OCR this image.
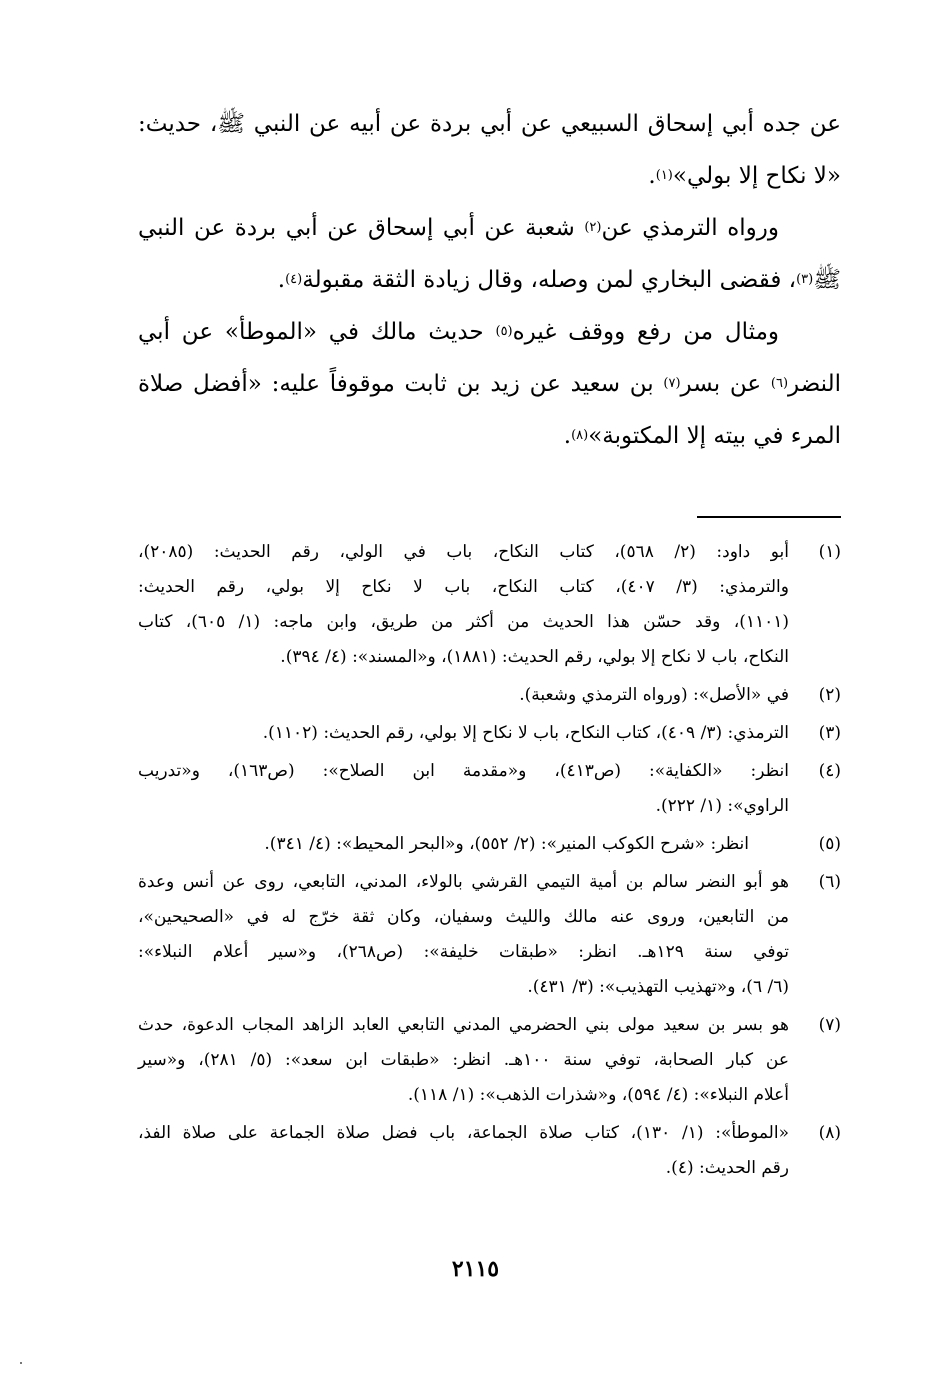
عن جده أبي إسحاق السبيعي عن أبي بردة عن أبيه عن النبي ﷺ، حديث:
«لا نكاح إلا بولي»$^{(١)}$.
ورواه الترمذي عن$^{(٢)}$ شعبة عن أبي إسحاق عن أبي بردة عن النبي
ﷺ$^{(٣)}$، فقضى البخاري لمن وصله، وقال زيادة الثقة مقبولة$^{(٤)}$.
ومثال من رفع ووقف غيره$^{(٥)}$ حديث مالك في «الموطأ» عن أبي
النضر$^{(٦)}$ عن بسر$^{(٧)}$ بن سعيد عن زيد بن ثابت موقوفاً عليه: «أفضل صلاة
المرء في بيته إلا المكتوبة»$^{(٨)}$.
(١)
أبو داود: (٢/ ٥٦٨)، كتاب النكاح، باب في الولي، رقم الحديث: (٢٠٨٥)،
والترمذي: (٣/ ٤٠٧)، كتاب النكاح، باب لا نكاح إلا بولي، رقم الحديث:
(١١٠١)، وقد حسّن هذا الحديث من أكثر من طريق، وابن ماجه: (١/ ٦٠٥)، كتاب
النكاح، باب لا نكاح إلا بولي، رقم الحديث: (١٨٨١)، و«المسند»: (٤/ ٣٩٤).
(٢)
في «الأصل»: (ورواه الترمذي وشعبة).
(٣)
الترمذي: (٣/ ٤٠٩)، كتاب النكاح، باب لا نكاح إلا بولي، رقم الحديث: (١١٠٢).
(٤)
انظر: «الكفاية»: (ص٤١٣)، و«مقدمة ابن الصلاح»: (ص١٦٣)، و«تدريب
الراوي»: (١/ ٢٢٢).
(٥)
انظر: «شرح الكوكب المنير»: (٢/ ٥٥٢)، و«البحر المحيط»: (٤/ ٣٤١).
(٦)
هو أبو النضر سالم بن أمية التيمي القرشي بالولاء، المدني، التابعي، روى عن أنس وعدة
من التابعين، وروى عنه مالك والليث وسفيان، وكان ثقة خرّج له في «الصحيحين»،
توفي سنة ١٢٩هـ. انظر: «طبقات خليفة»: (ص٢٦٨)، و«سير أعلام النبلاء»:
(٦/ ٦)، و«تهذيب التهذيب»: (٣/ ٤٣١).
(٧)
هو بسر بن سعيد مولى بني الحضرمي المدني التابعي العابد الزاهد المجاب الدعوة، حدث
عن كبار الصحابة، توفي سنة ١٠٠هـ. انظر: «طبقات ابن سعد»: (٥/ ٢٨١)، و«سير
أعلام النبلاء»: (٤/ ٥٩٤)، و«شذرات الذهب»: (١/ ١١٨).
(٨)
«الموطأ»: (١/ ١٣٠)، كتاب صلاة الجماعة، باب فضل صلاة الجماعة على صلاة الفذ،
رقم الحديث: (٤).
٢١١٥
